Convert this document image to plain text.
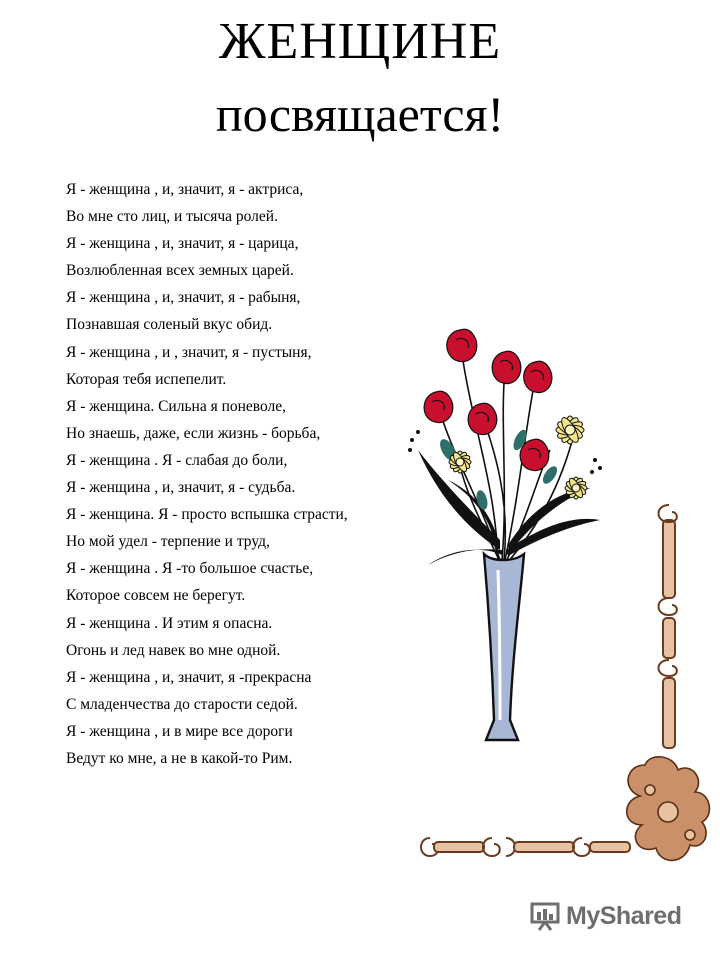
ЖЕНЩИНЕ
посвящается!
Я - женщина , и, значит, я - актриса,
Во мне сто лиц, и тысяча ролей.
Я - женщина , и, значит, я - царица,
Возлюбленная всех земных царей.
Я - женщина , и, значит, я - рабыня,
Познавшая соленый вкус обид.
Я - женщина , и , значит, я - пустыня,
Которая тебя испепелит.
Я - женщина. Сильна я поневоле,
Но знаешь, даже, если жизнь - борьба,
Я - женщина . Я - слабая до боли,
Я - женщина , и, значит, я - судьба.
Я - женщина. Я - просто вспышка страсти,
Но мой удел - терпение и труд,
Я - женщина . Я -то большое счастье,
Которое совсем не берегут.
Я - женщина . И этим я опасна.
Огонь и лед навек во мне одной.
Я - женщина , и, значит, я -прекрасна
С младенчества до старости седой.
Я - женщина , и в мире все дороги
Ведут ко мне, а не в какой-то Рим.
MyShared
